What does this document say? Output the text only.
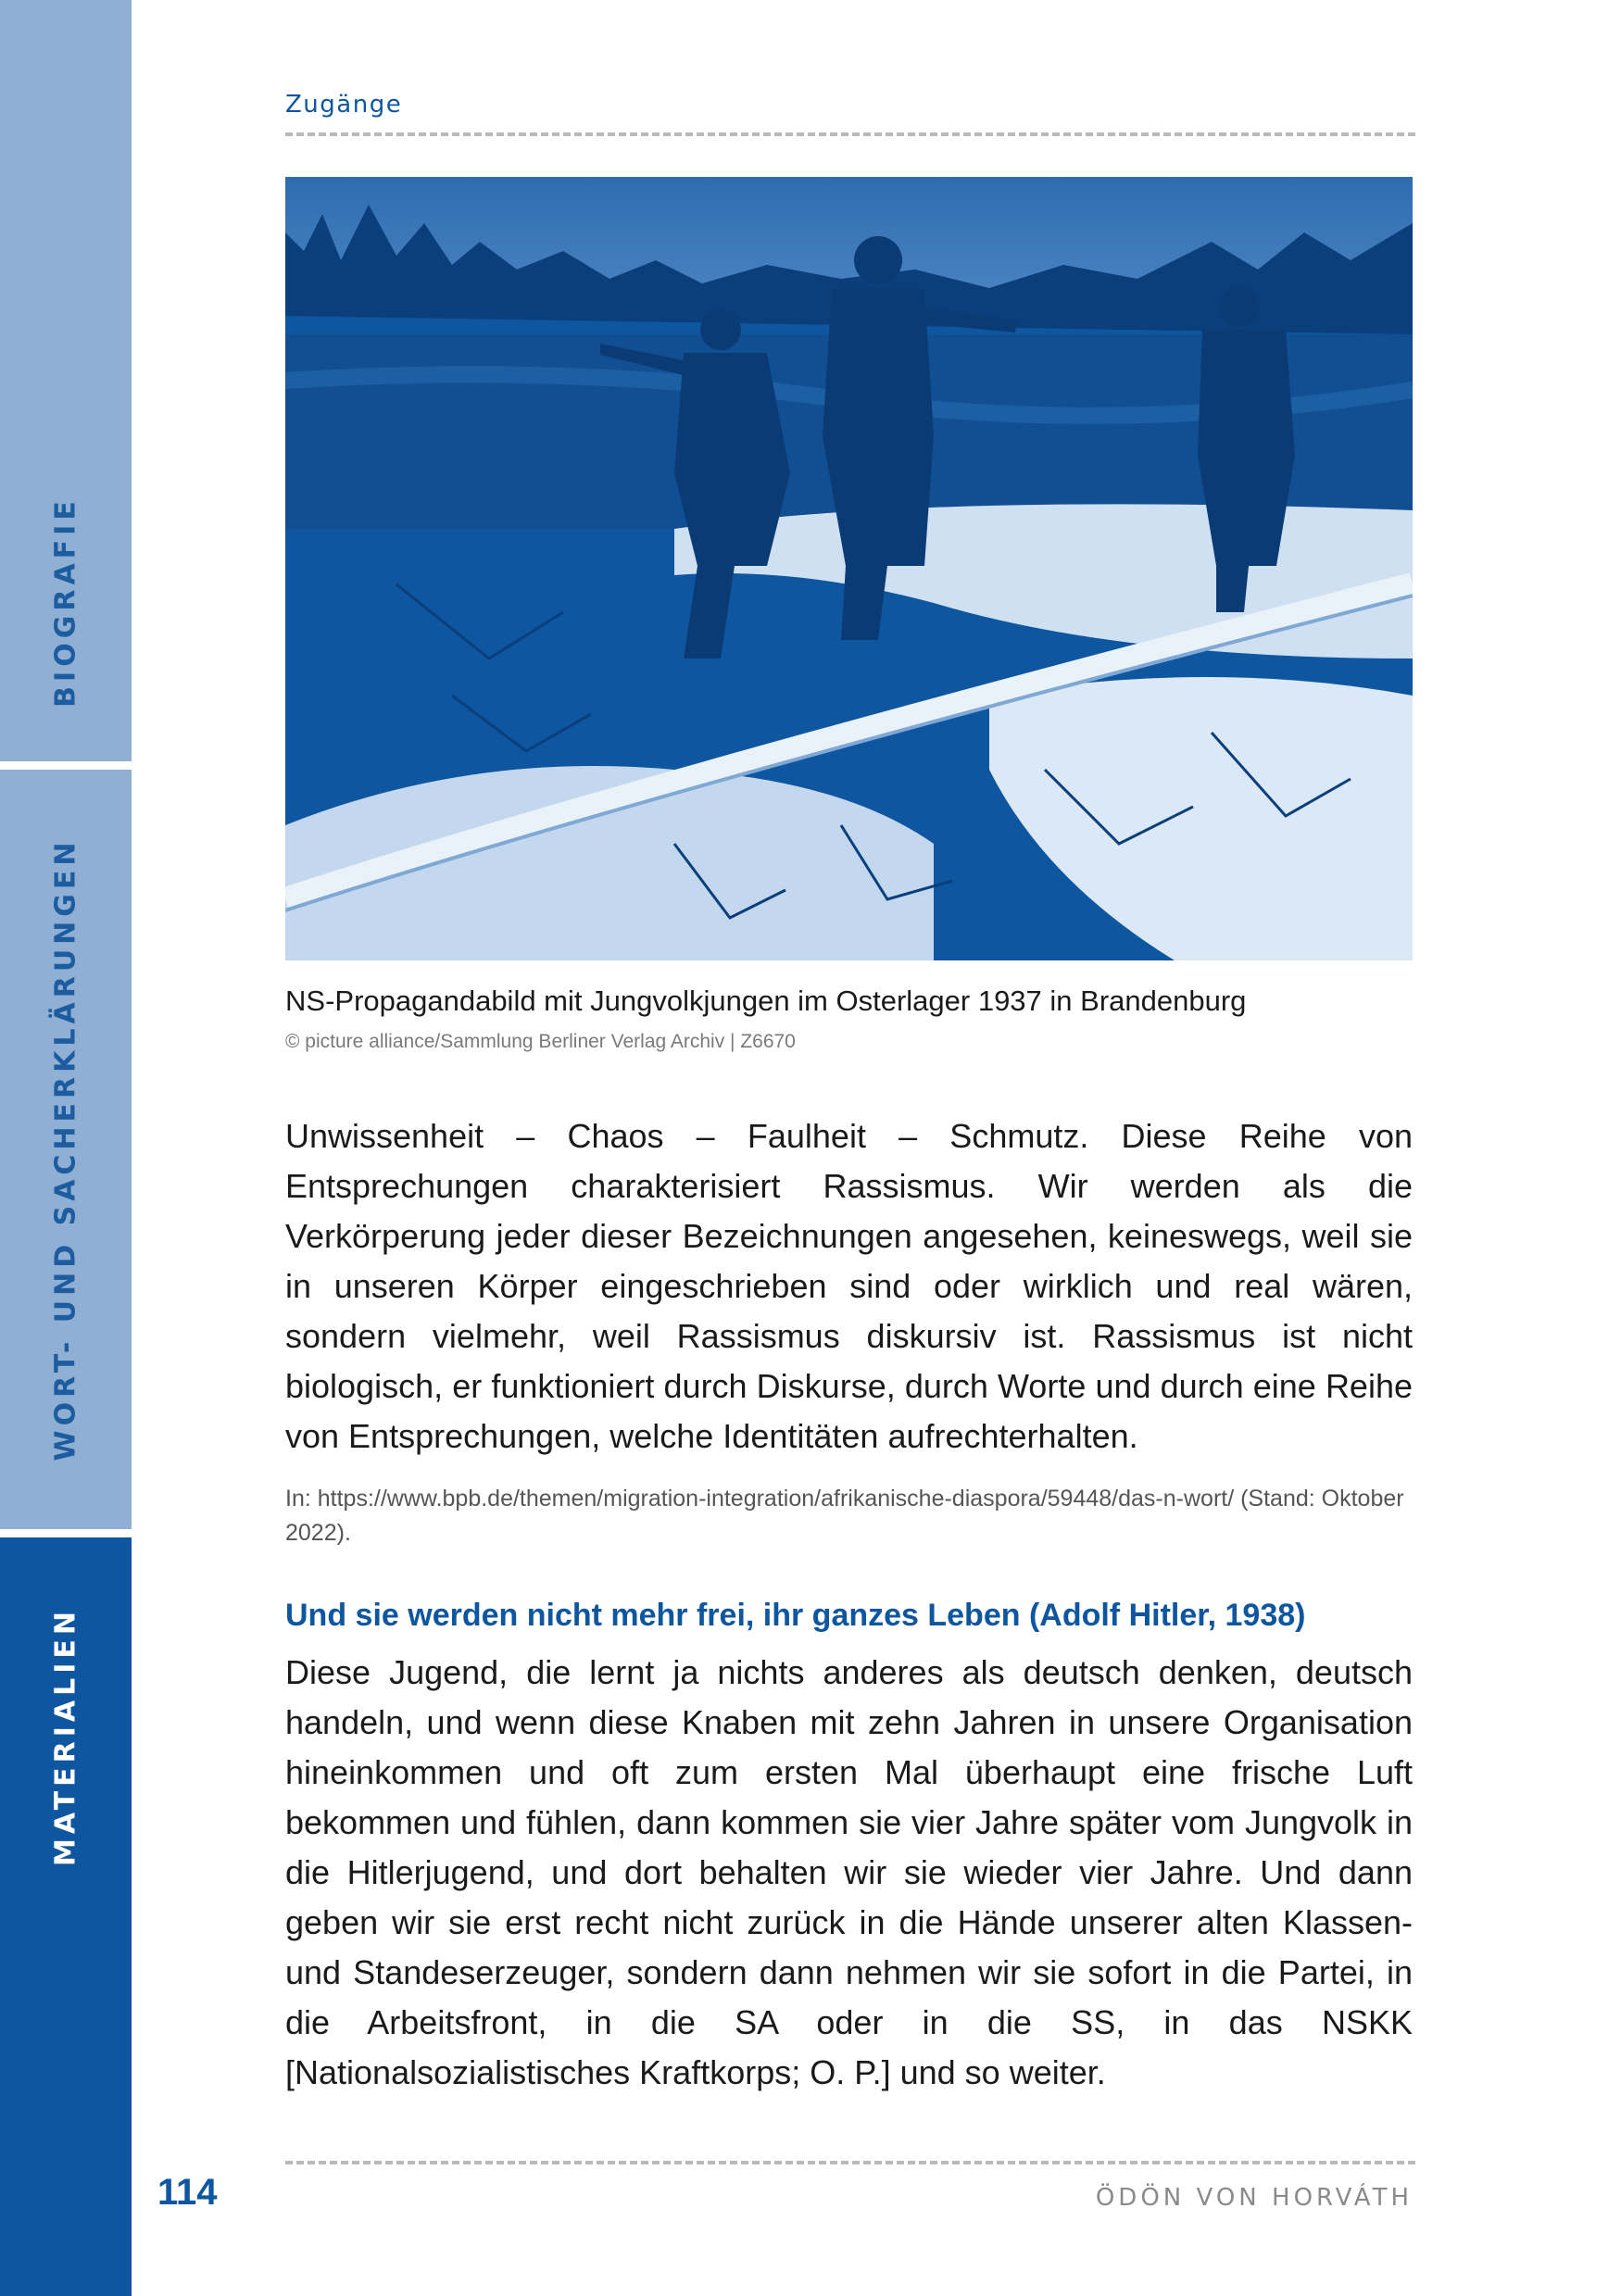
BIOGRAFIE
WORT- UND SACHERKLÄRUNGEN
MATERIALIEN
Zugänge
NS-Propagandabild mit Jungvolkjungen im Osterlager 1937 in Brandenburg
© picture alliance/Sammlung Berliner Verlag Archiv | Z6670

Unwissenheit – Chaos – Faulheit – Schmutz. Diese Reihe von Entsprechungen charakterisiert Rassismus. Wir werden als die Verkörperung jeder dieser Bezeichnungen angesehen, keineswegs, weil sie in unseren Körper eingeschrieben sind oder wirklich und real wären, sondern vielmehr, weil Rassismus diskursiv ist. Rassismus ist nicht biologisch, er funktioniert durch Diskurse, durch Worte und durch eine Reihe von Entsprechungen, welche Identitäten aufrechterhalten.

In: https://www.bpb.de/themen/migration-integration/afrikanische-diaspora/59448/das-n-wort/ (Stand: Oktober 2022).
Und sie werden nicht mehr frei, ihr ganzes Leben (Adolf Hitler, 1938)

Diese Jugend, die lernt ja nichts anderes als deutsch denken, deutsch handeln, und wenn diese Knaben mit zehn Jahren in unsere Organisation hineinkommen und oft zum ersten Mal überhaupt eine frische Luft bekommen und fühlen, dann kommen sie vier Jahre später vom Jungvolk in die Hitlerjugend, und dort behalten wir sie wieder vier Jahre. Und dann geben wir sie erst recht nicht zurück in die Hände unserer alten Klassen- und Standeserzeuger, sondern dann nehmen wir sie sofort in die Partei, in die Arbeitsfront, in die SA oder in die SS, in das NSKK [Nationalsozialistisches Kraftkorps; O. P.] und so weiter.

114	ÖDÖN VON HORVÁTH
